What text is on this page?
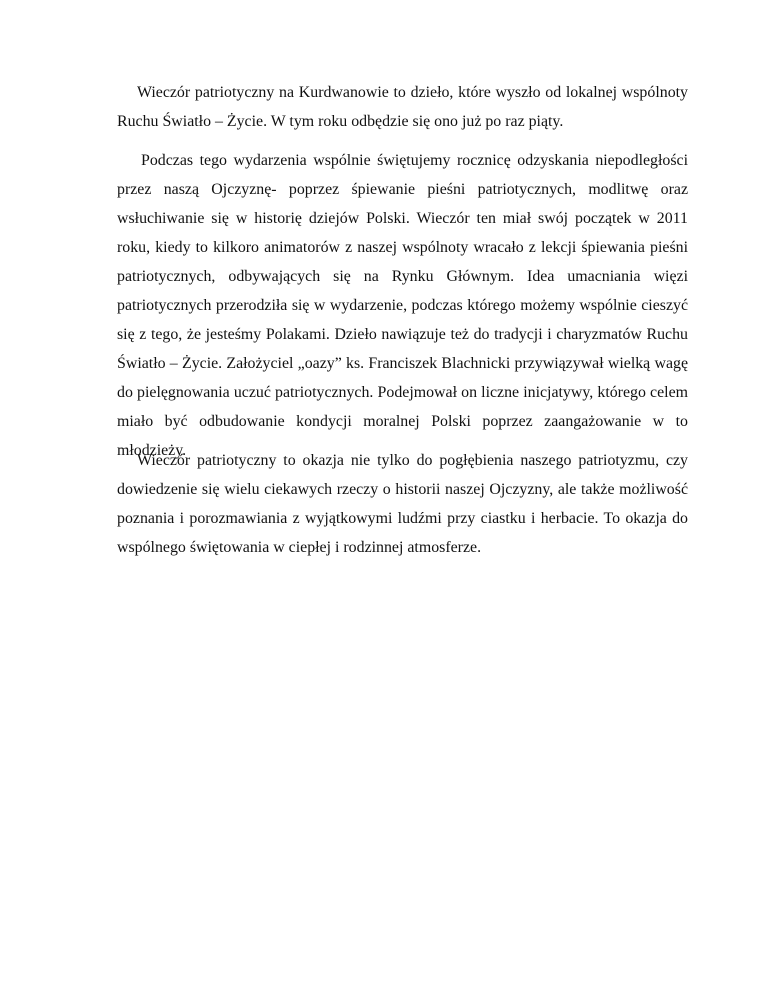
Wieczór patriotyczny na Kurdwanowie to dzieło, które wyszło od lokalnej wspólnoty Ruchu Światło – Życie. W tym roku odbędzie się ono już po raz piąty.

Podczas tego wydarzenia wspólnie świętujemy rocznicę odzyskania niepodległości przez naszą Ojczyznę- poprzez śpiewanie pieśni patriotycznych, modlitwę oraz wsłuchiwanie się w historię dziejów Polski. Wieczór ten miał swój początek w 2011 roku, kiedy to kilkoro animatorów z naszej wspólnoty wracało z lekcji śpiewania pieśni patriotycznych, odbywających się na Rynku Głównym. Idea umacniania więzi patriotycznych przerodziła się w wydarzenie, podczas którego możemy wspólnie cieszyć się z tego, że jesteśmy Polakami. Dzieło nawiązuje też do tradycji i charyzmatów Ruchu Światło – Życie. Założyciel „oazy” ks. Franciszek Blachnicki przywiązywał wielką wagę do pielęgnowania uczuć patriotycznych. Podejmował on liczne inicjatywy, którego celem miało być odbudowanie kondycji moralnej Polski poprzez zaangażowanie w to młodzieży.

Wieczór patriotyczny to okazja nie tylko do pogłębienia naszego patriotyzmu, czy dowiedzenie się wielu ciekawych rzeczy o historii naszej Ojczyzny, ale także możliwość poznania i porozmawiania z wyjątkowymi ludźmi przy ciastku i herbacie. To okazja do wspólnego świętowania w ciepłej i rodzinnej atmosferze.
